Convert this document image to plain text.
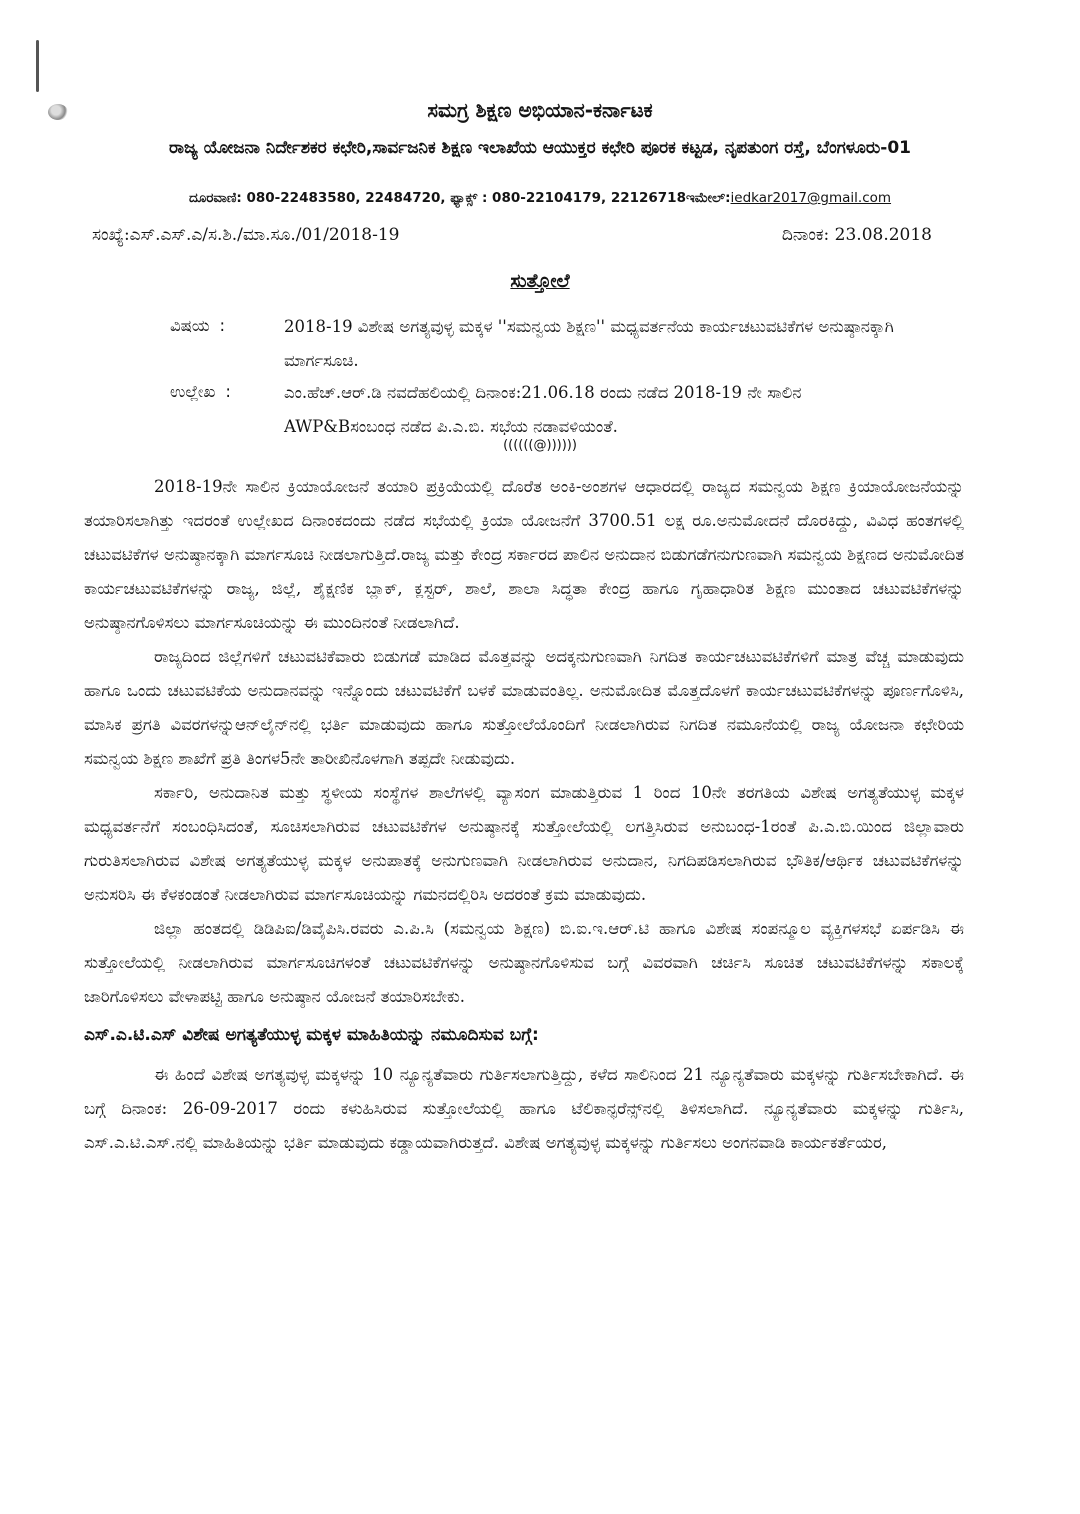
ಸಮಗ್ರ ಶಿಕ್ಷಣ ಅಭಿಯಾನ-ಕರ್ನಾಟಕ
ರಾಜ್ಯ ಯೋಜನಾ ನಿರ್ದೇಶಕರ ಕಛೇರಿ,ಸಾರ್ವಜನಿಕ ಶಿಕ್ಷಣ ಇಲಾಖೆಯ ಆಯುಕ್ತರ ಕಛೇರಿ ಪೂರಕ ಕಟ್ಟಡ, ನೃಪತುಂಗ ರಸ್ತೆ, ಬೆಂಗಳೂರು-01
ದೂರವಾಣಿ: 080-22483580, 22484720, ಫ್ಯಾಕ್ಸ್ : 080-22104179, 22126718ಇಮೇಲ್:iedkar2017@gmail.com
ಸಂಖ್ಯೆ:ಎಸ್.ಎಸ್.ಎ/ಸ.ಶಿ./ಮಾ.ಸೂ./01/2018-19	ದಿನಾಂಕ: 23.08.2018
ಸುತ್ತೋಲೆ
ವಿಷಯ :	2018-19 ವಿಶೇಷ ಅಗತ್ಯವುಳ್ಳ ಮಕ್ಕಳ ''ಸಮನ್ವಯ ಶಿಕ್ಷಣ'' ಮಧ್ಯವರ್ತನೆಯ ಕಾರ್ಯಚಟುವಟಿಕೆಗಳ ಅನುಷ್ಠಾನಕ್ಕಾಗಿ ಮಾರ್ಗಸೂಚಿ.
ಉಲ್ಲೇಖ :	ಎಂ.ಹೆಚ್.ಆರ್.ಡಿ ನವದೆಹಲಿಯಲ್ಲಿ ದಿನಾಂಕ:21.06.18 ರಂದು ನಡೆದ 2018-19 ನೇ ಸಾಲಿನ AWP&Bಸಂಬಂಧ ನಡೆದ ಪಿ.ಎ.ಬಿ. ಸಭೆಯ ನಡಾವಳಿಯಂತೆ.
((((((@))))))

2018-19ನೇ ಸಾಲಿನ ಕ್ರಿಯಾಯೋಜನೆ ತಯಾರಿ ಪ್ರಕ್ರಿಯೆಯಲ್ಲಿ ದೊರೆತ ಅಂಕಿ-ಅಂಶಗಳ ಆಧಾರದಲ್ಲಿ ರಾಜ್ಯದ ಸಮನ್ವಯ ಶಿಕ್ಷಣ ಕ್ರಿಯಾಯೋಜನೆಯನ್ನು ತಯಾರಿಸಲಾಗಿತ್ತು ಇದರಂತೆ ಉಲ್ಲೇಖದ ದಿನಾಂಕದಂದು ನಡೆದ ಸಭೆಯಲ್ಲಿ ಕ್ರಿಯಾ ಯೋಜನೆಗೆ 3700.51 ಲಕ್ಷ ರೂ.ಅನುಮೋದನೆ ದೊರಕಿದ್ದು, ವಿವಿಧ ಹಂತಗಳಲ್ಲಿ ಚಟುವಟಿಕೆಗಳ ಅನುಷ್ಠಾನಕ್ಕಾಗಿ ಮಾರ್ಗಸೂಚಿ ನೀಡಲಾಗುತ್ತಿದೆ.ರಾಜ್ಯ ಮತ್ತು ಕೇಂದ್ರ ಸರ್ಕಾರದ ಪಾಲಿನ ಅನುದಾನ ಬಿಡುಗಡೆಗನುಗುಣವಾಗಿ ಸಮನ್ವಯ ಶಿಕ್ಷಣದ ಅನುಮೋದಿತ ಕಾರ್ಯಚಟುವಟಿಕೆಗಳನ್ನು ರಾಜ್ಯ, ಜಿಲ್ಲೆ, ಶೈಕ್ಷಣಿಕ ಬ್ಲಾಕ್, ಕ್ಲಸ್ಟರ್, ಶಾಲೆ, ಶಾಲಾ ಸಿದ್ಧತಾ ಕೇಂದ್ರ ಹಾಗೂ ಗೃಹಾಧಾರಿತ ಶಿಕ್ಷಣ ಮುಂತಾದ ಚಟುವಟಿಕೆಗಳನ್ನು ಅನುಷ್ಠಾನಗೊಳಿಸಲು ಮಾರ್ಗಸೂಚಿಯನ್ನು ಈ ಮುಂದಿನಂತೆ ನೀಡಲಾಗಿದೆ.

ರಾಜ್ಯದಿಂದ ಜಿಲ್ಲೆಗಳಿಗೆ ಚಟುವಟಿಕೆವಾರು ಬಿಡುಗಡೆ ಮಾಡಿದ ಮೊತ್ತವನ್ನು ಅದಕ್ಕನುಗುಣವಾಗಿ ನಿಗದಿತ ಕಾರ್ಯಚಟುವಟಿಕೆಗಳಿಗೆ ಮಾತ್ರ ವೆಚ್ಚ ಮಾಡುವುದು ಹಾಗೂ ಒಂದು ಚಟುವಟಿಕೆಯ ಅನುದಾನವನ್ನು ಇನ್ನೊಂದು ಚಟುವಟಿಕೆಗೆ ಬಳಕೆ ಮಾಡುವಂತಿಲ್ಲ. ಅನುಮೋದಿತ ಮೊತ್ತದೊಳಗೆ ಕಾರ್ಯಚಟುವಟಿಕೆಗಳನ್ನು ಪೂರ್ಣಗೊಳಿಸಿ, ಮಾಸಿಕ ಪ್ರಗತಿ ವಿವರಗಳನ್ನುಆನ್‌ಲೈನ್‌ನಲ್ಲಿ ಭರ್ತಿ ಮಾಡುವುದು ಹಾಗೂ ಸುತ್ತೋಲೆಯೊಂದಿಗೆ ನೀಡಲಾಗಿರುವ ನಿಗದಿತ ನಮೂನೆಯಲ್ಲಿ ರಾಜ್ಯ ಯೋಜನಾ ಕಛೇರಿಯ ಸಮನ್ವಯ ಶಿಕ್ಷಣ ಶಾಖೆಗೆ ಪ್ರತಿ ತಿಂಗಳ5ನೇ ತಾರೀಖಿನೊಳಗಾಗಿ ತಪ್ಪದೇ ನೀಡುವುದು.

ಸರ್ಕಾರಿ, ಅನುದಾನಿತ ಮತ್ತು ಸ್ಥಳೀಯ ಸಂಸ್ಥೆಗಳ ಶಾಲೆಗಳಲ್ಲಿ ವ್ಯಾಸಂಗ ಮಾಡುತ್ತಿರುವ 1 ರಿಂದ 10ನೇ ತರಗತಿಯ ವಿಶೇಷ ಅಗತ್ಯತೆಯುಳ್ಳ ಮಕ್ಕಳ ಮಧ್ಯವರ್ತನೆಗೆ ಸಂಬಂಧಿಸಿದಂತೆ, ಸೂಚಿಸಲಾಗಿರುವ ಚಟುವಟಿಕೆಗಳ ಅನುಷ್ಠಾನಕ್ಕೆ ಸುತ್ತೋಲೆಯಲ್ಲಿ ಲಗತ್ತಿಸಿರುವ ಅನುಬಂಧ-1ರಂತೆ ಪಿ.ಎ.ಬಿ.ಯಿಂದ ಜಿಲ್ಲಾವಾರು ಗುರುತಿಸಲಾಗಿರುವ ವಿಶೇಷ ಅಗತ್ಯತೆಯುಳ್ಳ ಮಕ್ಕಳ ಅನುಪಾತಕ್ಕೆ ಅನುಗುಣವಾಗಿ ನೀಡಲಾಗಿರುವ ಅನುದಾನ, ನಿಗದಿಪಡಿಸಲಾಗಿರುವ ಭೌತಿಕ/ಆರ್ಥಿಕ ಚಟುವಟಿಕೆಗಳನ್ನು ಅನುಸರಿಸಿ ಈ ಕೆಳಕಂಡಂತೆ ನೀಡಲಾಗಿರುವ ಮಾರ್ಗಸೂಚಿಯನ್ನು ಗಮನದಲ್ಲಿರಿಸಿ ಅದರಂತೆ ಕ್ರಮ ಮಾಡುವುದು.

ಜಿಲ್ಲಾ ಹಂತದಲ್ಲಿ ಡಿಡಿಪಿಐ/ಡಿವೈಪಿಸಿ.ರವರು ಎ.ಪಿ.ಸಿ (ಸಮನ್ವಯ ಶಿಕ್ಷಣ) ಬಿ.ಐ.ಇ.ಆರ್.ಟಿ ಹಾಗೂ ವಿಶೇಷ ಸಂಪನ್ಮೂಲ ವ್ಯಕ್ತಿಗಳಸಭೆ ಏರ್ಪಡಿಸಿ ಈ ಸುತ್ತೋಲೆಯಲ್ಲಿ ನೀಡಲಾಗಿರುವ ಮಾರ್ಗಸೂಚಿಗಳಂತೆ ಚಟುವಟಿಕೆಗಳನ್ನು ಅನುಷ್ಠಾನಗೊಳಿಸುವ ಬಗ್ಗೆ ವಿವರವಾಗಿ ಚರ್ಚಿಸಿ ಸೂಚಿತ ಚಟುವಟಿಕೆಗಳನ್ನು ಸಕಾಲಕ್ಕೆ ಜಾರಿಗೊಳಿಸಲು ವೇಳಾಪಟ್ಟಿ ಹಾಗೂ ಅನುಷ್ಠಾನ ಯೋಜನೆ ತಯಾರಿಸಬೇಕು.

ಎಸ್.ಎ.ಟಿ.ಎಸ್ ವಿಶೇಷ ಅಗತ್ಯತೆಯುಳ್ಳ ಮಕ್ಕಳ ಮಾಹಿತಿಯನ್ನು ನಮೂದಿಸುವ ಬಗ್ಗೆ:

ಈ ಹಿಂದೆ ವಿಶೇಷ ಅಗತ್ಯವುಳ್ಳ ಮಕ್ಕಳನ್ನು 10 ನ್ಯೂನ್ಯತೆವಾರು ಗುರ್ತಿಸಲಾಗುತ್ತಿದ್ದು, ಕಳೆದ ಸಾಲಿನಿಂದ 21 ನ್ಯೂನ್ಯತೆವಾರು ಮಕ್ಕಳನ್ನು ಗುರ್ತಿಸಬೇಕಾಗಿದೆ. ಈ ಬಗ್ಗೆ ದಿನಾಂಕ: 26-09-2017 ರಂದು ಕಳುಹಿಸಿರುವ ಸುತ್ತೋಲೆಯಲ್ಲಿ ಹಾಗೂ ಟೆಲಿಕಾನ್ಫರೆನ್ಸ್‌ನಲ್ಲಿ ತಿಳಿಸಲಾಗಿದೆ. ನ್ಯೂನ್ಯತೆವಾರು ಮಕ್ಕಳನ್ನು ಗುರ್ತಿಸಿ, ಎಸ್.ಎ.ಟಿ.ಎಸ್.ನಲ್ಲಿ ಮಾಹಿತಿಯನ್ನು ಭರ್ತಿ ಮಾಡುವುದು ಕಡ್ಡಾಯವಾಗಿರುತ್ತದೆ. ವಿಶೇಷ ಅಗತ್ಯವುಳ್ಳ ಮಕ್ಕಳನ್ನು ಗುರ್ತಿಸಲು ಅಂಗನವಾಡಿ ಕಾರ್ಯಕರ್ತೆಯರ,
